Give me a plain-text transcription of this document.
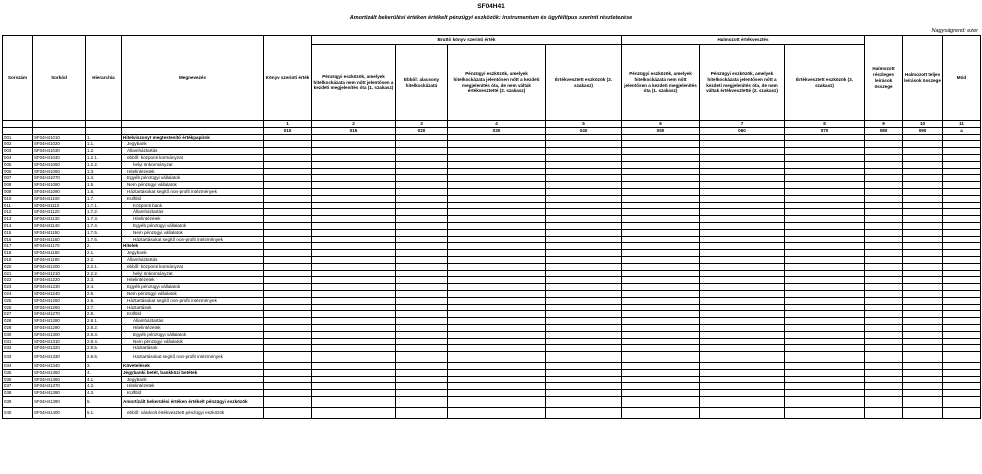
SF04H41
Amortizált bekerülési értéken értékelt pénzügyi eszközök: instrumentum és ügyféltípus szerinti részletezése
Nagyságrend: ezer
Sorszám	Sorkód	Hierarchia	Megnevezés	Könyv szerinti érték	Bruttó könyv szerinti érték				Halmozott értékvesztés			Halmozott részleges leírások összege	Halmozott teljes leírások összege	Mód
					Pénzügyi eszközök, amelyek hitelkockázata nem nőtt jelentősen a kezdeti megjelenítés óta (1. szakasz)	Ebből: alacsony hitelkockázatú	Pénzügyi eszközök, amelyek hitelkockázata jelentősen nőtt a kezdeti megjelenítés óta, de nem váltak értékvesztetté (2. szakasz)	Értékvesztett eszközök (3. szakasz)	Pénzügyi eszközök, amelyek hitelkockázata nem nőtt jelentősen a kezdeti megjelenítés óta (1. szakasz)	Pénzügyi eszközök, amelyek hitelkockázata jelentősen nőtt a kezdeti megjelenítés óta, de nem váltak értékvesztetté (2. szakasz)	Értékvesztett eszközök (3. szakasz)			
				1	2	3	4	5	6	7	8	9	10	11
				010	015	020	030	040	050	060	070	080	090	a
001	SF04H41010	1.	Hitelviszonyt megtestesítő értékpapírok											
002	SF04H41020	1.1.	Jegybank											
003	SF04H41030	1.2.	Államháztartás											
004	SF04H41040	1.2.1.	ebből: központi kormányzat											
005	SF04H41050	1.2.2.	helyi önkormányzat											
006	SF04H41060	1.3.	Hitelintézetek											
007	SF04H41070	1.4.	Egyéb pénzügyi vállalatok											
008	SF04H41080	1.5.	Nem pénzügyi vállalatok											
009	SF04H41090	1.6.	Háztartásokat segítő non-profit intézmények											
010	SF04H41100	1.7.	Külföld											
011	SF04H41110	1.7.1.	Központi bank											
012	SF04H41120	1.7.2.	Államháztartás											
013	SF04H41130	1.7.3.	Hitelintézetek											
014	SF04H41140	1.7.4.	Egyéb pénzügyi vállalatok											
015	SF04H41150	1.7.5.	Nem pénzügyi vállalatok											
016	SF04H41160	1.7.6.	Háztartásokat segítő non-profit intézmények											
017	SF04H41170	2.	Hitelek											
018	SF04H41180	2.1.	Jegybank											
019	SF04H41190	2.2.	Államháztartás											
020	SF04H41200	2.2.1.	ebből: központi kormányzat											
021	SF04H41210	2.2.2.	helyi önkormányzat											
022	SF04H41220	2.3.	Hitelintézetek											
023	SF04H41230	2.4.	Egyéb pénzügyi vállalatok											
024	SF04H41240	2.5.	Nem pénzügyi vállalatok											
025	SF04H41250	2.6.	Háztartásokat segítő non-profit intézmények											
026	SF04H41260	2.7.	Háztartások											
027	SF04H41270	2.8.	Külföld											
028	SF04H41280	2.8.1.	Államháztartás											
029	SF04H41290	2.8.2.	Hitelintézetek											
030	SF04H41300	2.8.3.	Egyéb pénzügyi vállalatok											
031	SF04H41310	2.8.4.	Nem pénzügyi vállalatok											
032	SF04H41320	2.8.5.	Háztartások											
033	SF04H41330	2.8.6.	Háztartásokat segítő non-profit intézmények											
034	SF04H41340	3.	Követelések											
035	SF04H41350	4.	Jegybanki betét, bankközi betétek											
036	SF04H41360	4.1.	Jegybank											
037	SF04H41370	4.2.	Hitelintézetek											
038	SF04H41380	4.3.	Külföld											
039	SF04H41390	5.	Amortizált bekerülési értéken értékelt pénzügyi eszközök											
040	SF04H41400	5.1.	ebből: vásárolt értékvesztett pénzügyi eszközök											
